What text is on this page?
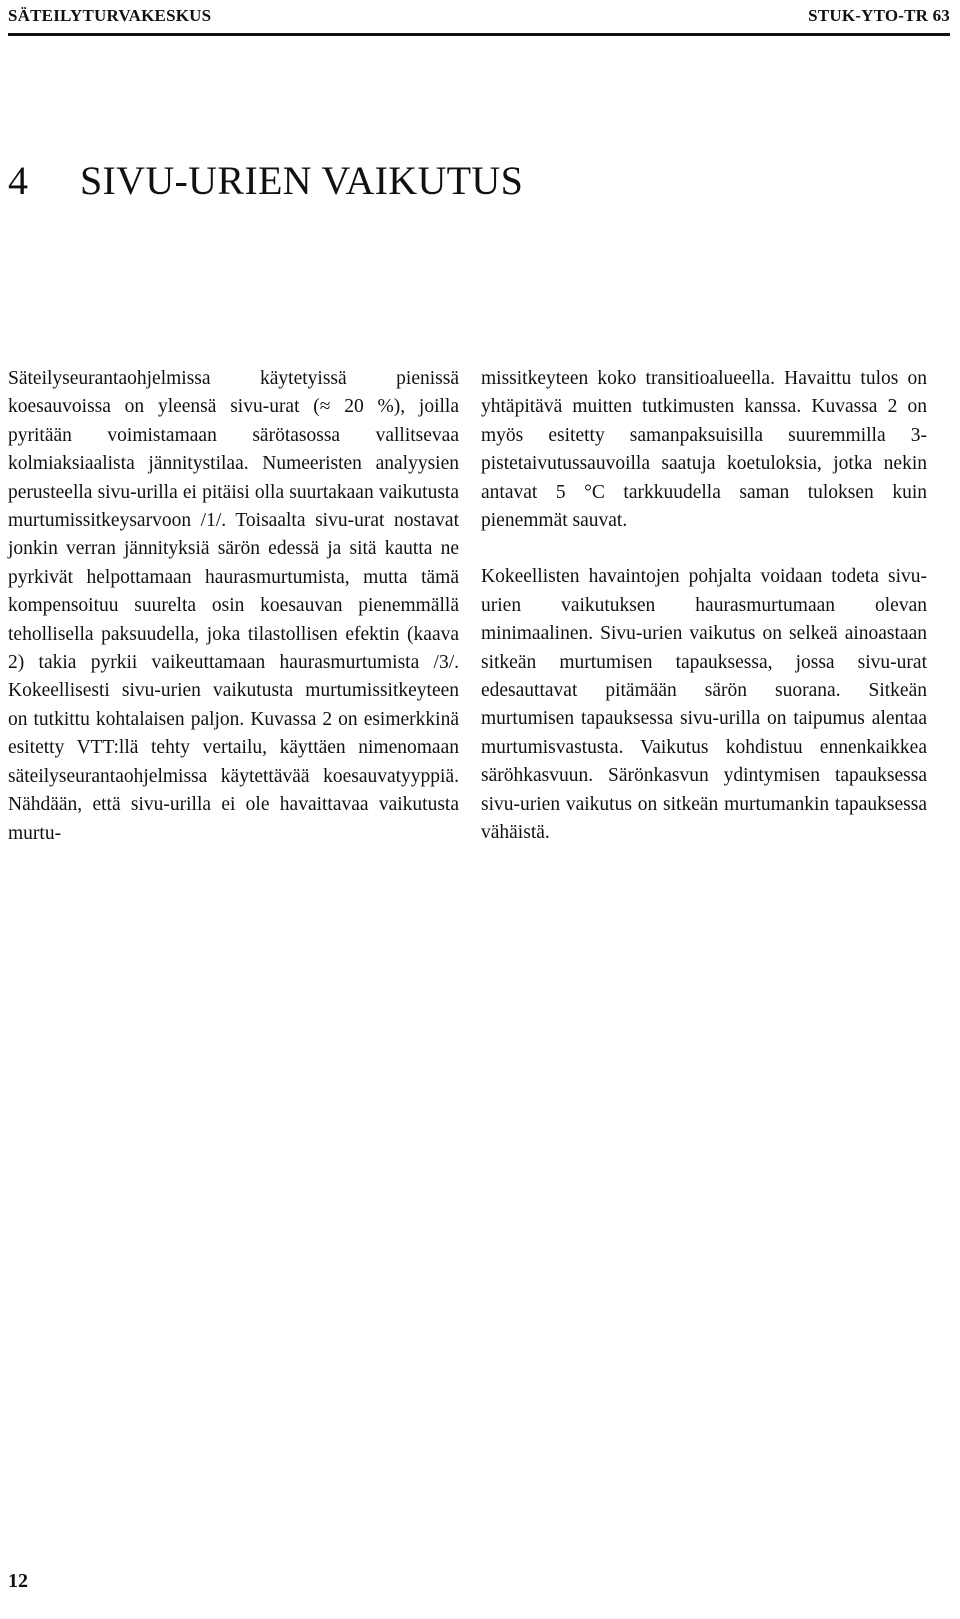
SÄTEILYTURVAKESKUS	STUK-YTO-TR 63
4 SIVU-URIEN VAIKUTUS

Säteilyseurantaohjelmissa käytetyissä pienissä koesauvoissa on yleensä sivu-urat (≈ 20 %), joilla pyritään voimistamaan särötasossa vallitsevaa kolmiaksiaalista jännitystilaa. Numeeristen analyysien perusteella sivu-urilla ei pitäisi olla suurtakaan vaikutusta murtumissitkeysarvoon /1/. Toisaalta sivu-urat nostavat jonkin verran jännityksiä särön edessä ja sitä kautta ne pyrkivät helpottamaan haurasmurtumista, mutta tämä kompensoituu suurelta osin koesauvan pienemmällä tehollisella paksuudella, joka tilastollisen efektin (kaava 2) takia pyrkii vaikeuttamaan haurasmurtumista /3/. Kokeellisesti sivu-urien vaikutusta murtumissitkeyteen on tutkittu kohtalaisen paljon. Kuvassa 2 on esimerkkinä esitetty VTT:llä tehty vertailu, käyttäen nimenomaan säteilyseurantaohjelmissa käytettävää koesauvatyyppiä. Nähdään, että sivu-urilla ei ole havaittavaa vaikutusta murtu-

missitkeyteen koko transitioalueella. Havaittu tulos on yhtäpitävä muitten tutkimusten kanssa. Kuvassa 2 on myös esitetty samanpaksuisilla suuremmilla 3-pistetaivutussauvoilla saatuja koetuloksia, jotka nekin antavat 5 °C tarkkuudella saman tuloksen kuin pienemmät sauvat.

Kokeellisten havaintojen pohjalta voidaan todeta sivu-urien vaikutuksen haurasmurtumaan olevan minimaalinen. Sivu-urien vaikutus on selkeä ainoastaan sitkeän murtumisen tapauksessa, jossa sivu-urat edesauttavat pitämään särön suorana. Sitkeän murtumisen tapauksessa sivu-urilla on taipumus alentaa murtumisvastusta. Vaikutus kohdistuu ennenkaikkea säröhkasvuun. Särönkasvun ydintymisen tapauksessa sivu-urien vaikutus on sitkeän murtumankin tapauksessa vähäistä.

12
